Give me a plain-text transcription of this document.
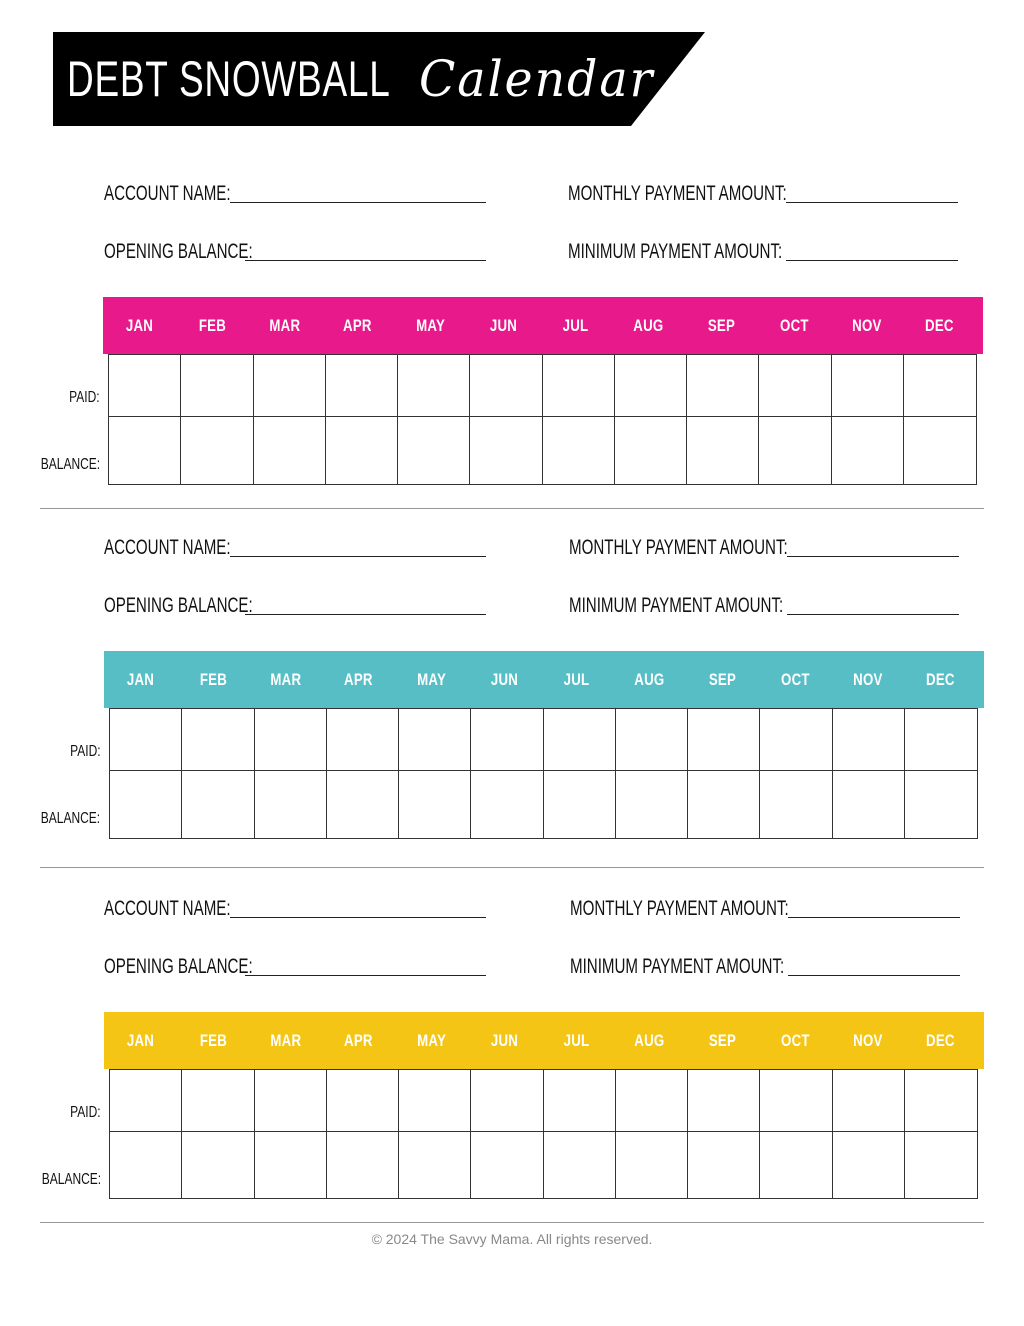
DEBT SNOWBALL Calendar
ACCOUNT NAME:
OPENING BALANCE:
MONTHLY PAYMENT AMOUNT:
MINIMUM PAYMENT AMOUNT:
JAN	FEB	MAR	APR	MAY	JUN	JUL	AUG	SEP	OCT	NOV	DEC
PAID:
BALANCE:
ACCOUNT NAME:
OPENING BALANCE:
MONTHLY PAYMENT AMOUNT:
MINIMUM PAYMENT AMOUNT:
JAN	FEB	MAR	APR	MAY	JUN	JUL	AUG	SEP	OCT	NOV	DEC
PAID:
BALANCE:
ACCOUNT NAME:
OPENING BALANCE:
MONTHLY PAYMENT AMOUNT:
MINIMUM PAYMENT AMOUNT:
JAN	FEB	MAR	APR	MAY	JUN	JUL	AUG	SEP	OCT	NOV	DEC
PAID:
BALANCE:
© 2024 The Savvy Mama. All rights reserved.
